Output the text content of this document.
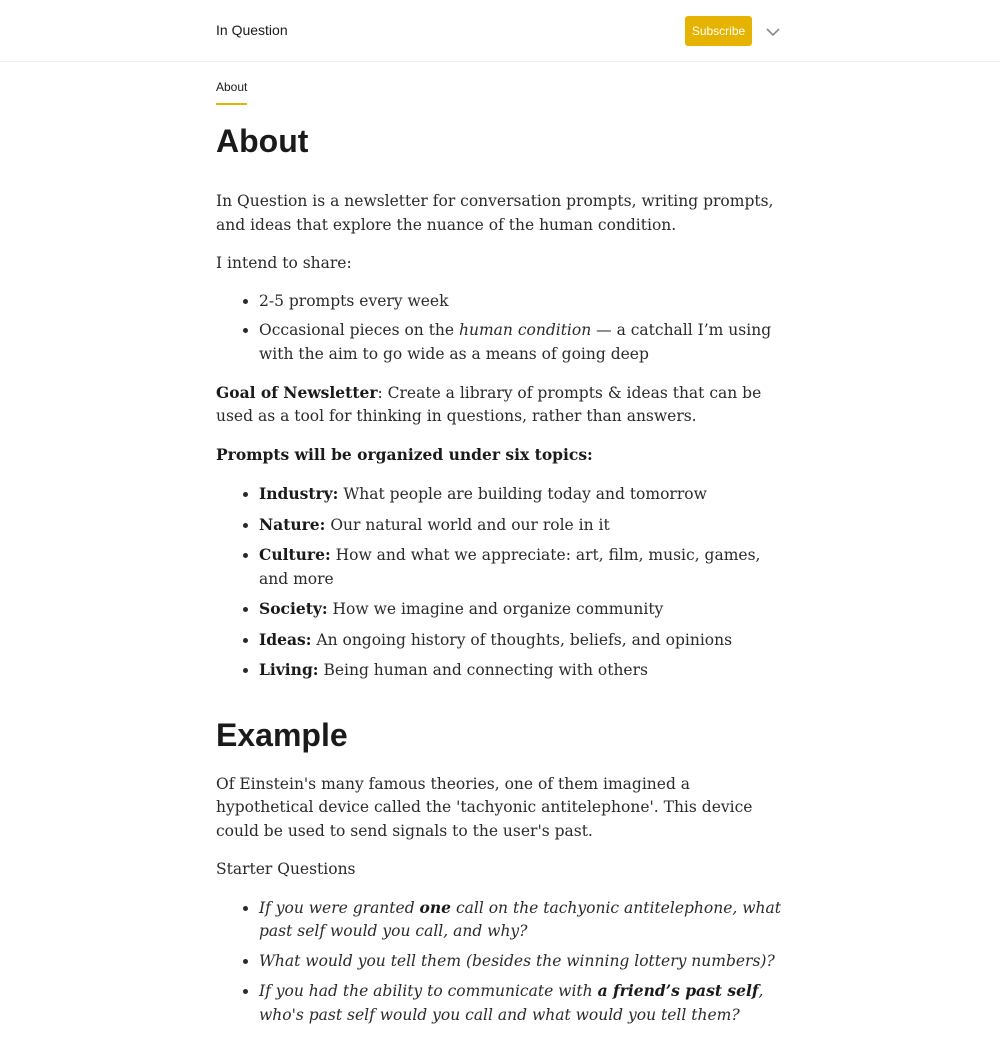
In Question	Subscribe
About
About

In Question is a newsletter for conversation prompts, writing prompts, and ideas that explore the nuance of the human condition.

I intend to share:

• 2-5 prompts every week
• Occasional pieces on the human condition — a catchall I’m using with the aim to go wide as a means of going deep

Goal of Newsletter: Create a library of prompts & ideas that can be used as a tool for thinking in questions, rather than answers.

Prompts will be organized under six topics:

• Industry: What people are building today and tomorrow
• Nature: Our natural world and our role in it
• Culture: How and what we appreciate: art, film, music, games, and more
• Society: How we imagine and organize community
• Ideas: An ongoing history of thoughts, beliefs, and opinions
• Living: Being human and connecting with others
Example

Of Einstein's many famous theories, one of them imagined a hypothetical device called the 'tachyonic antitelephone'. This device could be used to send signals to the user's past.

Starter Questions

• If you were granted one call on the tachyonic antitelephone, what past self would you call, and why?
• What would you tell them (besides the winning lottery numbers)?
• If you had the ability to communicate with a friend’s past self, who's past self would you call and what would you tell them?
